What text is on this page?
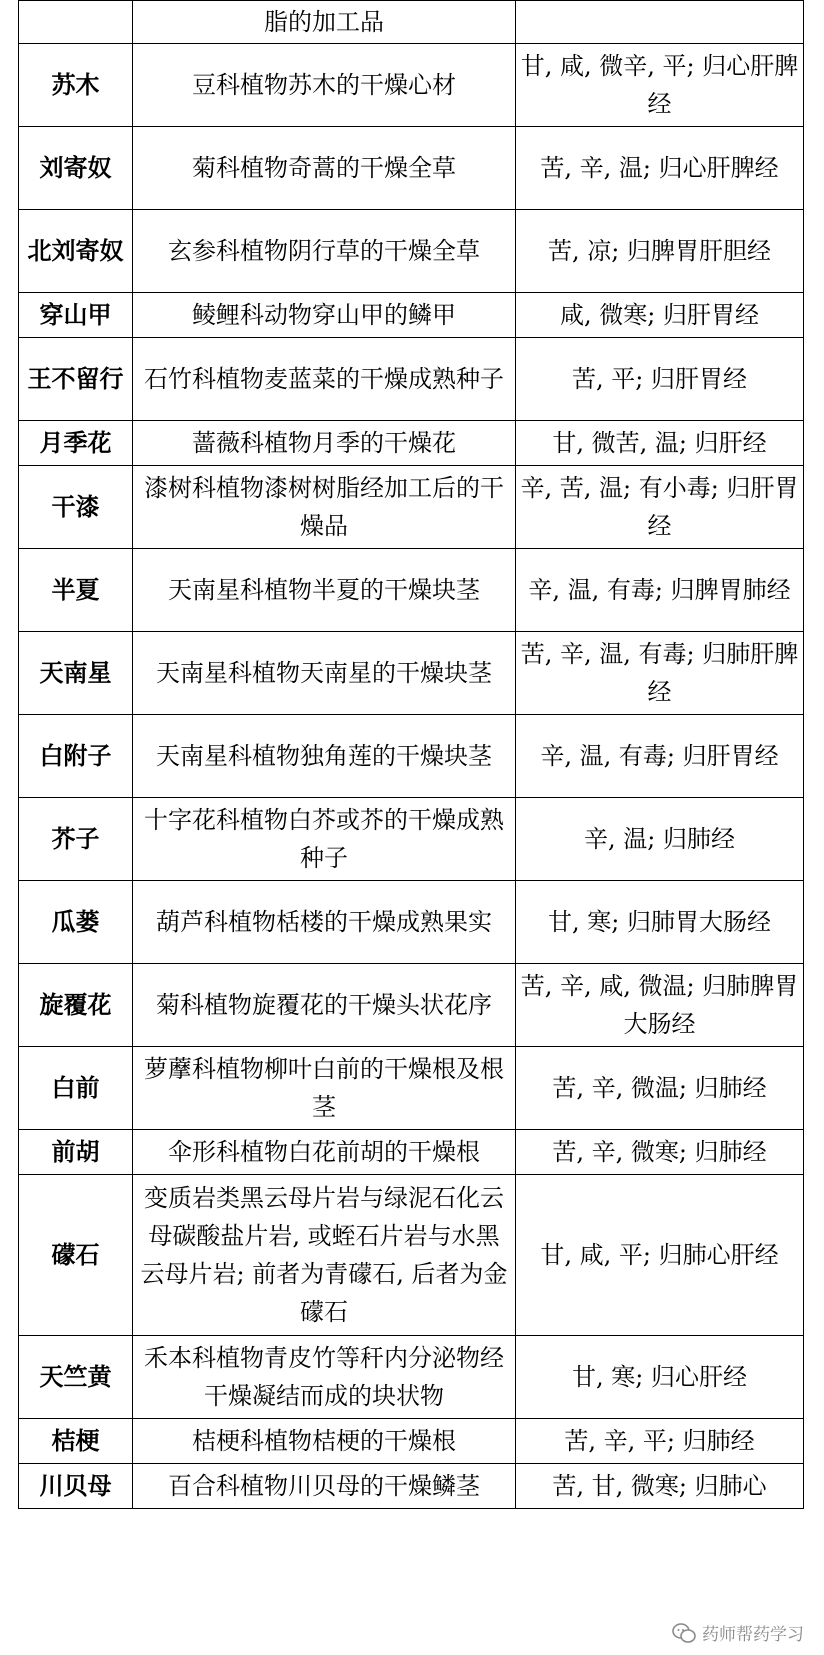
	脂的加工品	
苏木	豆科植物苏木的干燥心材	甘, 咸, 微辛, 平; 归心肝脾经
刘寄奴	菊科植物奇蒿的干燥全草	苦, 辛, 温; 归心肝脾经
北刘寄奴	玄参科植物阴行草的干燥全草	苦, 凉; 归脾胃肝胆经
穿山甲	鲮鲤科动物穿山甲的鳞甲	咸, 微寒; 归肝胃经
王不留行	石竹科植物麦蓝菜的干燥成熟种子	苦, 平; 归肝胃经
月季花	蔷薇科植物月季的干燥花	甘, 微苦, 温; 归肝经
干漆	漆树科植物漆树树脂经加工后的干燥品	辛, 苦, 温; 有小毒; 归肝胃经
半夏	天南星科植物半夏的干燥块茎	辛, 温, 有毒; 归脾胃肺经
天南星	天南星科植物天南星的干燥块茎	苦, 辛, 温, 有毒; 归肺肝脾经
白附子	天南星科植物独角莲的干燥块茎	辛, 温, 有毒; 归肝胃经
芥子	十字花科植物白芥或芥的干燥成熟种子	辛, 温; 归肺经
瓜蒌	葫芦科植物栝楼的干燥成熟果实	甘, 寒; 归肺胃大肠经
旋覆花	菊科植物旋覆花的干燥头状花序	苦, 辛, 咸, 微温; 归肺脾胃大肠经
白前	萝藦科植物柳叶白前的干燥根及根茎	苦, 辛, 微温; 归肺经
前胡	伞形科植物白花前胡的干燥根	苦, 辛, 微寒; 归肺经
礞石	变质岩类黑云母片岩与绿泥石化云母碳酸盐片岩, 或蛭石片岩与水黑云母片岩; 前者为青礞石, 后者为金礞石	甘, 咸, 平; 归肺心肝经
天竺黄	禾本科植物青皮竹等秆内分泌物经干燥凝结而成的块状物	甘, 寒; 归心肝经
桔梗	桔梗科植物桔梗的干燥根	苦, 辛, 平; 归肺经
川贝母	百合科植物川贝母的干燥鳞茎	苦, 甘, 微寒; 归肺心
药师帮药学习
